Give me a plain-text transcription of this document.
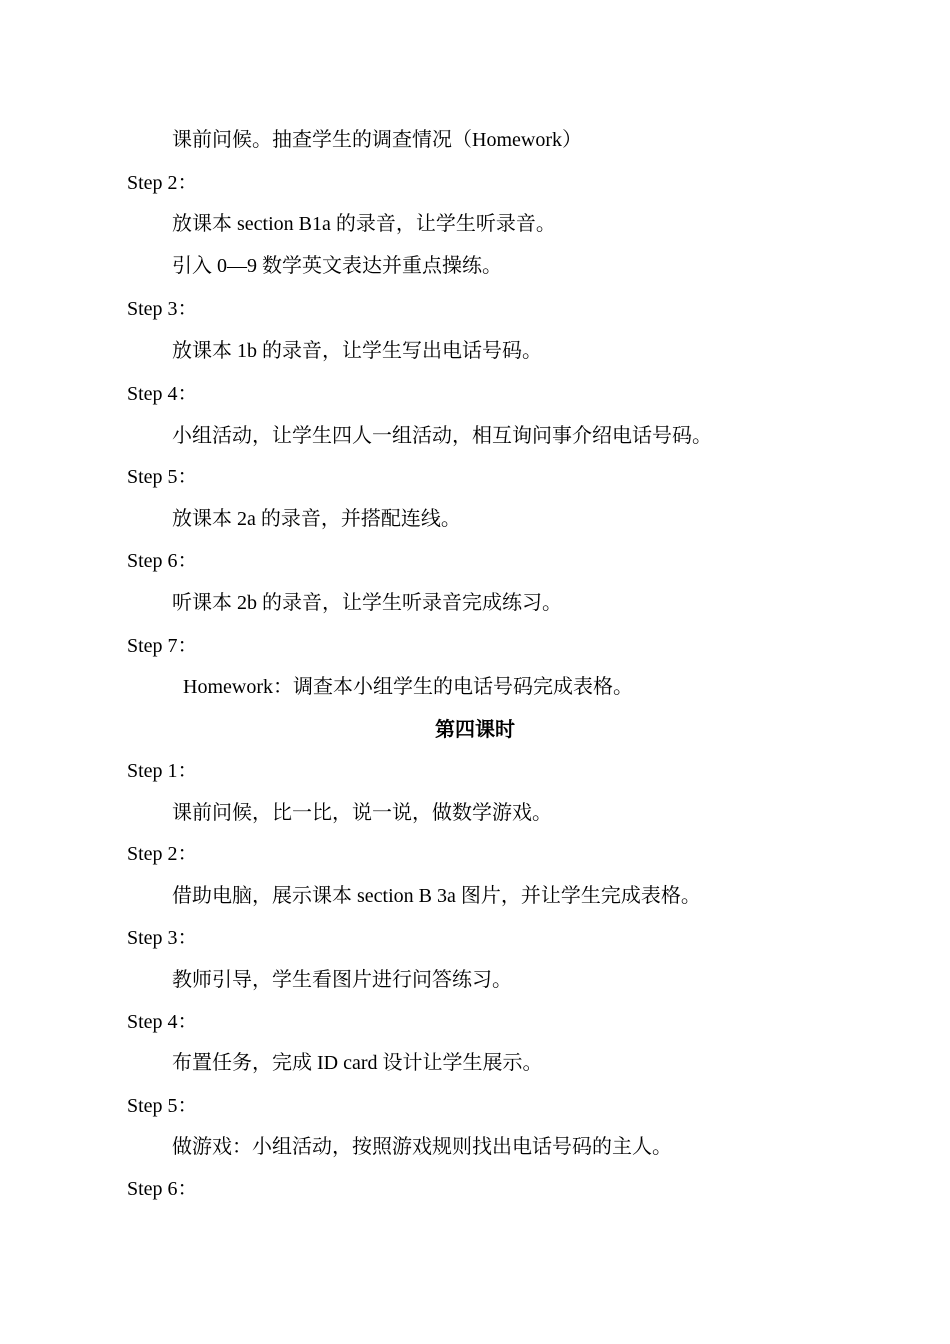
课前问候。抽查学生的调查情况（Homework）
Step 2：
放课本 section B1a 的录音，让学生听录音。
引入 0—9 数学英文表达并重点操练。
Step 3：
放课本 1b 的录音，让学生写出电话号码。
Step 4：
小组活动，让学生四人一组活动，相互询问事介绍电话号码。
Step 5：
放课本 2a 的录音，并搭配连线。
Step 6：
听课本 2b 的录音，让学生听录音完成练习。
Step 7：
Homework：调查本小组学生的电话号码完成表格。
第四课时
Step 1：
课前问候，比一比，说一说，做数学游戏。
Step 2：
借助电脑，展示课本 section B 3a 图片，并让学生完成表格。
Step 3：
教师引导，学生看图片进行问答练习。
Step 4：
布置任务，完成 ID card 设计让学生展示。
Step 5：
做游戏：小组活动，按照游戏规则找出电话号码的主人。
Step 6：
